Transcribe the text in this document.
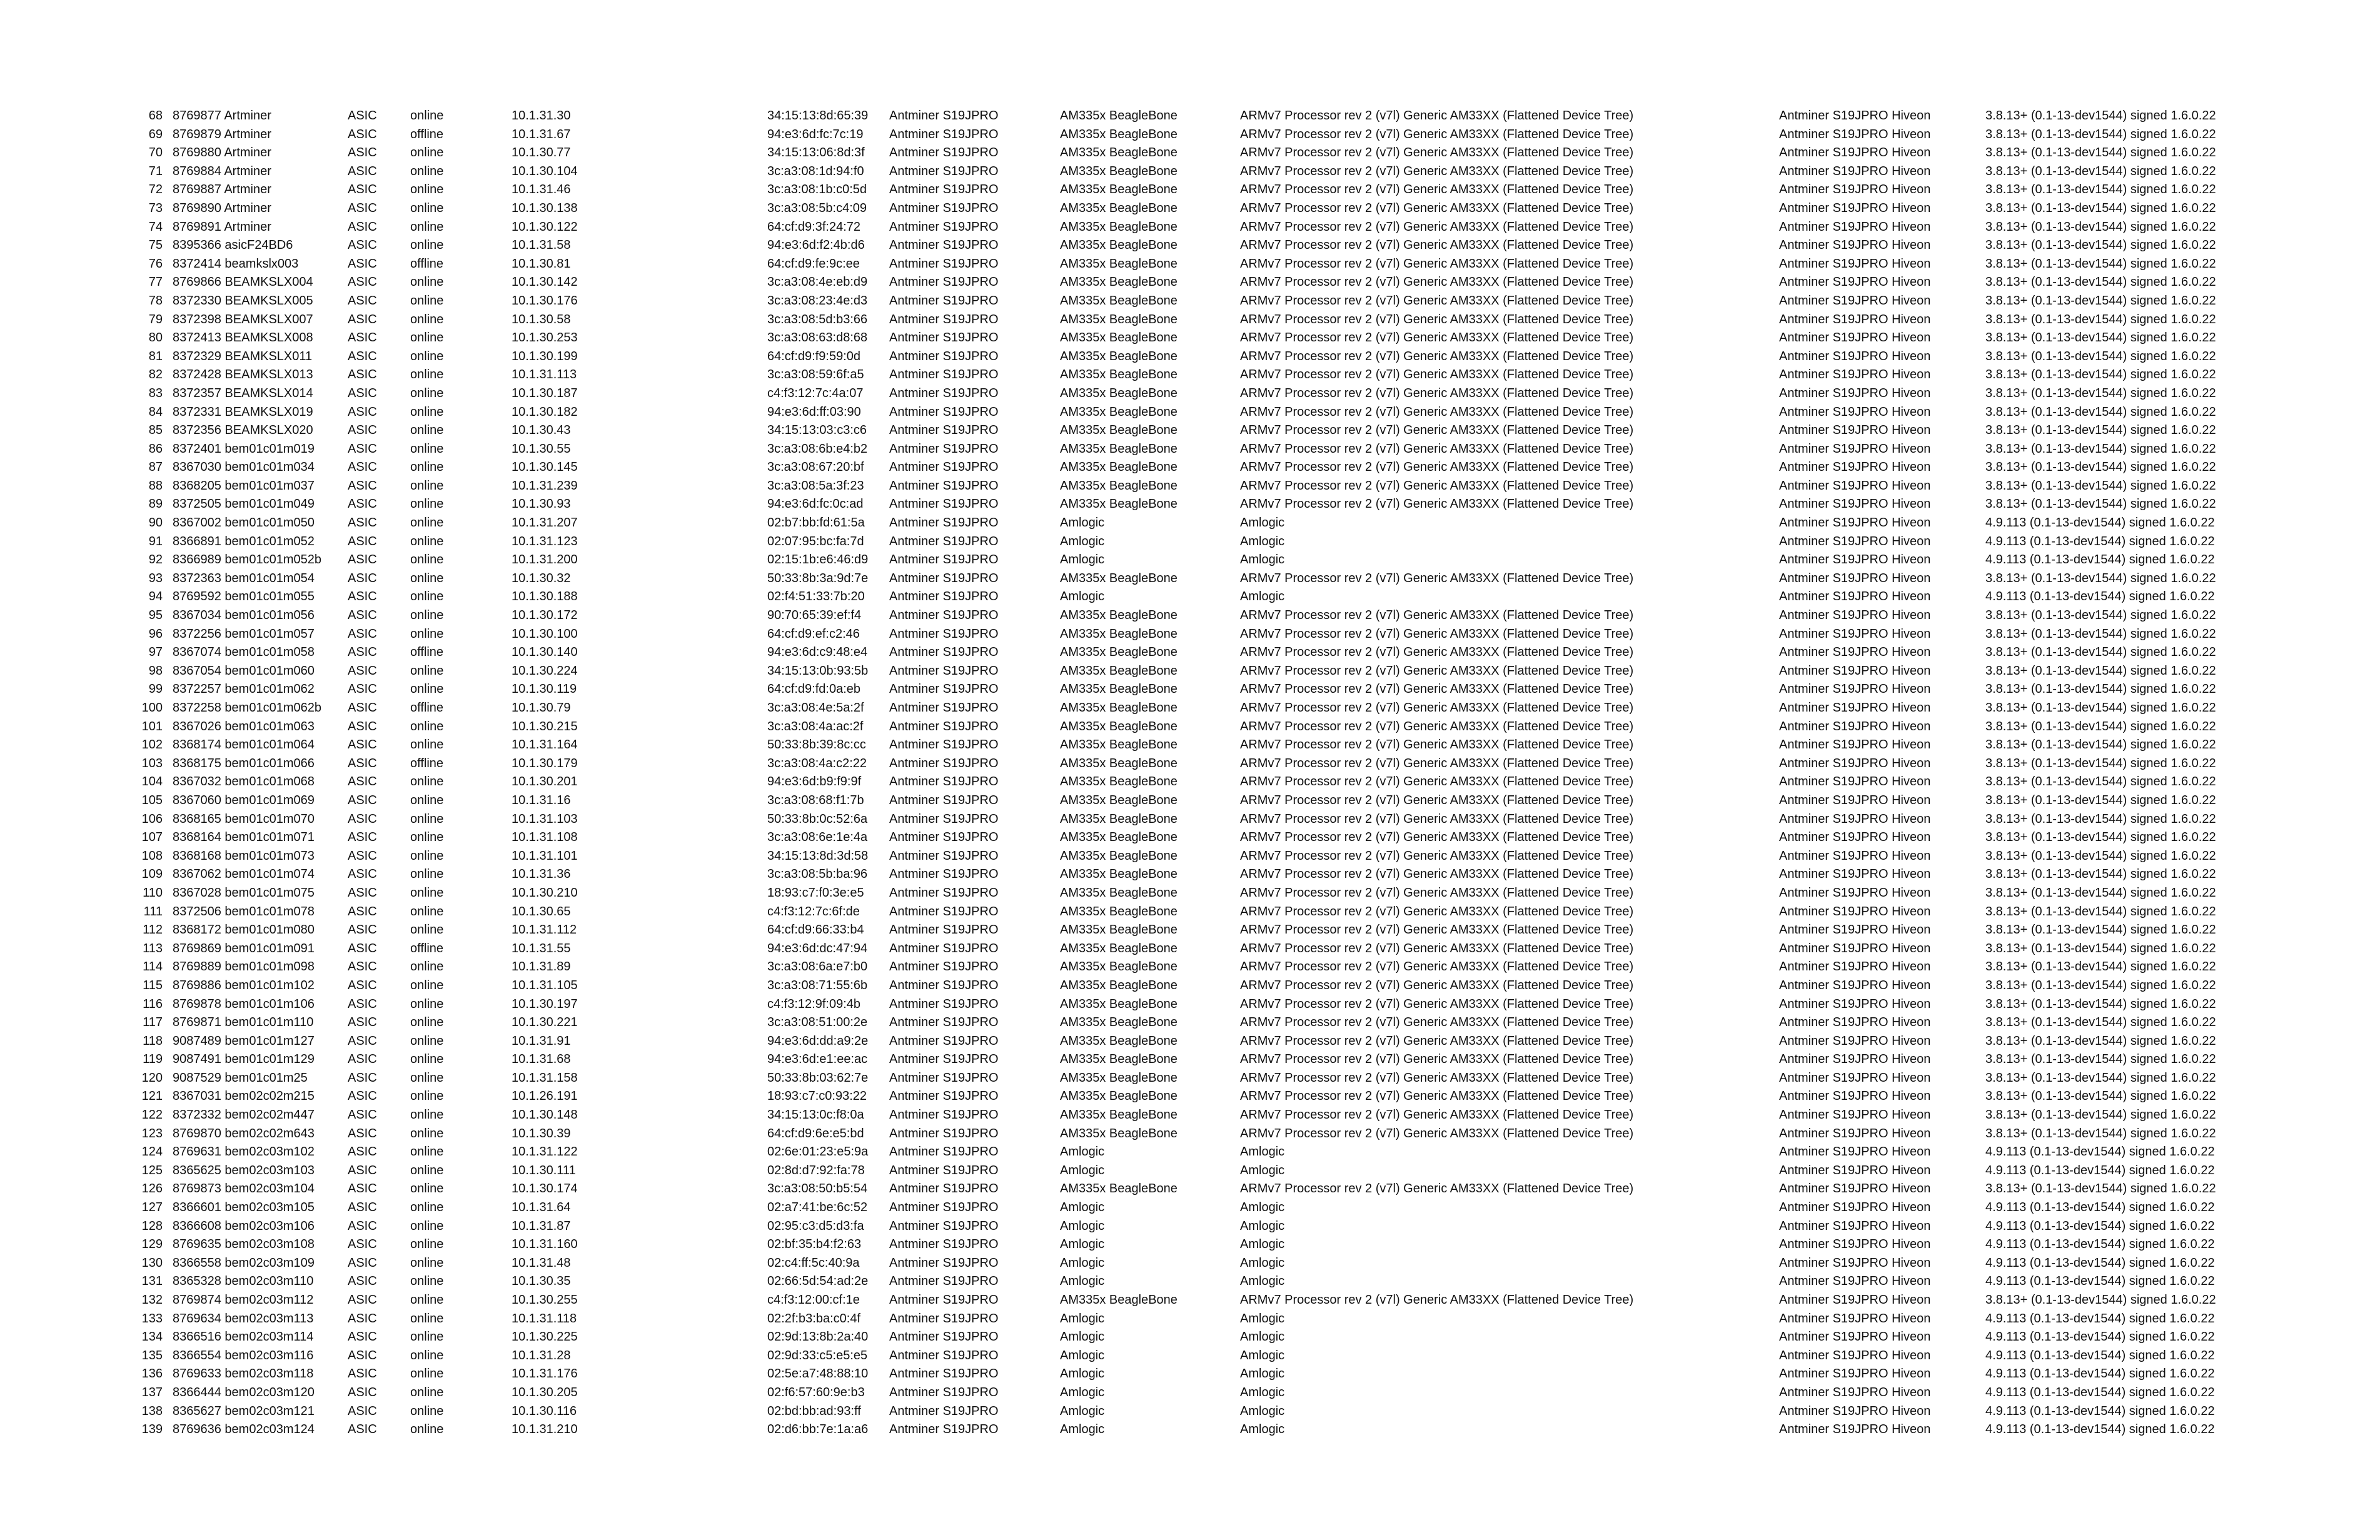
68 8769877 Artminer	ASIC	online	10.1.31.30	34:15:13:8d:65:39 Antminer S19JPRO	AM335x BeagleBone	ARMv7 Processor rev 2 (v7l) Generic AM33XX (Flattened Device Tree)	Antminer S19JPRO Hiveon	3.8.13+ (0.1-13-dev1544) signed 1.6.0.22
69 8769879 Artminer	ASIC	offline	10.1.31.67	94:e3:6d:fc:7c:19 Antminer S19JPRO	AM335x BeagleBone	ARMv7 Processor rev 2 (v7l) Generic AM33XX (Flattened Device Tree)	Antminer S19JPRO Hiveon	3.8.13+ (0.1-13-dev1544) signed 1.6.0.22
70 8769880 Artminer	ASIC	online	10.1.30.77	34:15:13:06:8d:3f Antminer S19JPRO	AM335x BeagleBone	ARMv7 Processor rev 2 (v7l) Generic AM33XX (Flattened Device Tree)	Antminer S19JPRO Hiveon	3.8.13+ (0.1-13-dev1544) signed 1.6.0.22
71 8769884 Artminer	ASIC	online	10.1.30.104	3c:a3:08:1d:94:f0 Antminer S19JPRO	AM335x BeagleBone	ARMv7 Processor rev 2 (v7l) Generic AM33XX (Flattened Device Tree)	Antminer S19JPRO Hiveon	3.8.13+ (0.1-13-dev1544) signed 1.6.0.22
72 8769887 Artminer	ASIC	online	10.1.31.46	3c:a3:08:1b:c0:5d Antminer S19JPRO	AM335x BeagleBone	ARMv7 Processor rev 2 (v7l) Generic AM33XX (Flattened Device Tree)	Antminer S19JPRO Hiveon	3.8.13+ (0.1-13-dev1544) signed 1.6.0.22
73 8769890 Artminer	ASIC	online	10.1.30.138	3c:a3:08:5b:c4:09 Antminer S19JPRO	AM335x BeagleBone	ARMv7 Processor rev 2 (v7l) Generic AM33XX (Flattened Device Tree)	Antminer S19JPRO Hiveon	3.8.13+ (0.1-13-dev1544) signed 1.6.0.22
74 8769891 Artminer	ASIC	online	10.1.30.122	64:cf:d9:3f:24:72 Antminer S19JPRO	AM335x BeagleBone	ARMv7 Processor rev 2 (v7l) Generic AM33XX (Flattened Device Tree)	Antminer S19JPRO Hiveon	3.8.13+ (0.1-13-dev1544) signed 1.6.0.22
75 8395366 asicF24BD6	ASIC	online	10.1.31.58	94:e3:6d:f2:4b:d6 Antminer S19JPRO	AM335x BeagleBone	ARMv7 Processor rev 2 (v7l) Generic AM33XX (Flattened Device Tree)	Antminer S19JPRO Hiveon	3.8.13+ (0.1-13-dev1544) signed 1.6.0.22
76 8372414 beamkslx003	ASIC	offline	10.1.30.81	64:cf:d9:fe:9c:ee Antminer S19JPRO	AM335x BeagleBone	ARMv7 Processor rev 2 (v7l) Generic AM33XX (Flattened Device Tree)	Antminer S19JPRO Hiveon	3.8.13+ (0.1-13-dev1544) signed 1.6.0.22
77 8769866 BEAMKSLX004	ASIC	online	10.1.30.142	3c:a3:08:4e:eb:d9 Antminer S19JPRO	AM335x BeagleBone	ARMv7 Processor rev 2 (v7l) Generic AM33XX (Flattened Device Tree)	Antminer S19JPRO Hiveon	3.8.13+ (0.1-13-dev1544) signed 1.6.0.22
78 8372330 BEAMKSLX005	ASIC	online	10.1.30.176	3c:a3:08:23:4e:d3 Antminer S19JPRO	AM335x BeagleBone	ARMv7 Processor rev 2 (v7l) Generic AM33XX (Flattened Device Tree)	Antminer S19JPRO Hiveon	3.8.13+ (0.1-13-dev1544) signed 1.6.0.22
79 8372398 BEAMKSLX007	ASIC	online	10.1.30.58	3c:a3:08:5d:b3:66 Antminer S19JPRO	AM335x BeagleBone	ARMv7 Processor rev 2 (v7l) Generic AM33XX (Flattened Device Tree)	Antminer S19JPRO Hiveon	3.8.13+ (0.1-13-dev1544) signed 1.6.0.22
80 8372413 BEAMKSLX008	ASIC	online	10.1.30.253	3c:a3:08:63:d8:68 Antminer S19JPRO	AM335x BeagleBone	ARMv7 Processor rev 2 (v7l) Generic AM33XX (Flattened Device Tree)	Antminer S19JPRO Hiveon	3.8.13+ (0.1-13-dev1544) signed 1.6.0.22
81 8372329 BEAMKSLX011	ASIC	online	10.1.30.199	64:cf:d9:f9:59:0d Antminer S19JPRO	AM335x BeagleBone	ARMv7 Processor rev 2 (v7l) Generic AM33XX (Flattened Device Tree)	Antminer S19JPRO Hiveon	3.8.13+ (0.1-13-dev1544) signed 1.6.0.22
82 8372428 BEAMKSLX013	ASIC	online	10.1.31.113	3c:a3:08:59:6f:a5 Antminer S19JPRO	AM335x BeagleBone	ARMv7 Processor rev 2 (v7l) Generic AM33XX (Flattened Device Tree)	Antminer S19JPRO Hiveon	3.8.13+ (0.1-13-dev1544) signed 1.6.0.22
83 8372357 BEAMKSLX014	ASIC	online	10.1.30.187	c4:f3:12:7c:4a:07 Antminer S19JPRO	AM335x BeagleBone	ARMv7 Processor rev 2 (v7l) Generic AM33XX (Flattened Device Tree)	Antminer S19JPRO Hiveon	3.8.13+ (0.1-13-dev1544) signed 1.6.0.22
84 8372331 BEAMKSLX019	ASIC	online	10.1.30.182	94:e3:6d:ff:03:90 Antminer S19JPRO	AM335x BeagleBone	ARMv7 Processor rev 2 (v7l) Generic AM33XX (Flattened Device Tree)	Antminer S19JPRO Hiveon	3.8.13+ (0.1-13-dev1544) signed 1.6.0.22
85 8372356 BEAMKSLX020	ASIC	online	10.1.30.43	34:15:13:03:c3:c6 Antminer S19JPRO	AM335x BeagleBone	ARMv7 Processor rev 2 (v7l) Generic AM33XX (Flattened Device Tree)	Antminer S19JPRO Hiveon	3.8.13+ (0.1-13-dev1544) signed 1.6.0.22
86 8372401 bem01c01m019	ASIC	online	10.1.30.55	3c:a3:08:6b:e4:b2 Antminer S19JPRO	AM335x BeagleBone	ARMv7 Processor rev 2 (v7l) Generic AM33XX (Flattened Device Tree)	Antminer S19JPRO Hiveon	3.8.13+ (0.1-13-dev1544) signed 1.6.0.22
87 8367030 bem01c01m034	ASIC	online	10.1.30.145	3c:a3:08:67:20:bf Antminer S19JPRO	AM335x BeagleBone	ARMv7 Processor rev 2 (v7l) Generic AM33XX (Flattened Device Tree)	Antminer S19JPRO Hiveon	3.8.13+ (0.1-13-dev1544) signed 1.6.0.22
88 8368205 bem01c01m037	ASIC	online	10.1.31.239	3c:a3:08:5a:3f:23 Antminer S19JPRO	AM335x BeagleBone	ARMv7 Processor rev 2 (v7l) Generic AM33XX (Flattened Device Tree)	Antminer S19JPRO Hiveon	3.8.13+ (0.1-13-dev1544) signed 1.6.0.22
89 8372505 bem01c01m049	ASIC	online	10.1.30.93	94:e3:6d:fc:0c:ad Antminer S19JPRO	AM335x BeagleBone	ARMv7 Processor rev 2 (v7l) Generic AM33XX (Flattened Device Tree)	Antminer S19JPRO Hiveon	3.8.13+ (0.1-13-dev1544) signed 1.6.0.22
90 8367002 bem01c01m050	ASIC	online	10.1.31.207	02:b7:bb:fd:61:5a Antminer S19JPRO	Amlogic	Amlogic	Antminer S19JPRO Hiveon	4.9.113 (0.1-13-dev1544) signed 1.6.0.22
91 8366891 bem01c01m052	ASIC	online	10.1.31.123	02:07:95:bc:fa:7d Antminer S19JPRO	Amlogic	Amlogic	Antminer S19JPRO Hiveon	4.9.113 (0.1-13-dev1544) signed 1.6.0.22
92 8366989 bem01c01m052b ASIC	online	10.1.31.200	02:15:1b:e6:46:d9 Antminer S19JPRO	Amlogic	Amlogic	Antminer S19JPRO Hiveon	4.9.113 (0.1-13-dev1544) signed 1.6.0.22
93 8372363 bem01c01m054	ASIC	online	10.1.30.32	50:33:8b:3a:9d:7e Antminer S19JPRO	AM335x BeagleBone	ARMv7 Processor rev 2 (v7l) Generic AM33XX (Flattened Device Tree)	Antminer S19JPRO Hiveon	3.8.13+ (0.1-13-dev1544) signed 1.6.0.22
94 8769592 bem01c01m055	ASIC	online	10.1.30.188	02:f4:51:33:7b:20 Antminer S19JPRO	Amlogic	Amlogic	Antminer S19JPRO Hiveon	4.9.113 (0.1-13-dev1544) signed 1.6.0.22
95 8367034 bem01c01m056	ASIC	online	10.1.30.172	90:70:65:39:ef:f4 Antminer S19JPRO	AM335x BeagleBone	ARMv7 Processor rev 2 (v7l) Generic AM33XX (Flattened Device Tree)	Antminer S19JPRO Hiveon	3.8.13+ (0.1-13-dev1544) signed 1.6.0.22
96 8372256 bem01c01m057	ASIC	online	10.1.30.100	64:cf:d9:ef:c2:46 Antminer S19JPRO	AM335x BeagleBone	ARMv7 Processor rev 2 (v7l) Generic AM33XX (Flattened Device Tree)	Antminer S19JPRO Hiveon	3.8.13+ (0.1-13-dev1544) signed 1.6.0.22
97 8367074 bem01c01m058	ASIC	offline	10.1.30.140	94:e3:6d:c9:48:e4 Antminer S19JPRO	AM335x BeagleBone	ARMv7 Processor rev 2 (v7l) Generic AM33XX (Flattened Device Tree)	Antminer S19JPRO Hiveon	3.8.13+ (0.1-13-dev1544) signed 1.6.0.22
98 8367054 bem01c01m060	ASIC	online	10.1.30.224	34:15:13:0b:93:5b Antminer S19JPRO	AM335x BeagleBone	ARMv7 Processor rev 2 (v7l) Generic AM33XX (Flattened Device Tree)	Antminer S19JPRO Hiveon	3.8.13+ (0.1-13-dev1544) signed 1.6.0.22
99 8372257 bem01c01m062	ASIC	online	10.1.30.119	64:cf:d9:fd:0a:eb Antminer S19JPRO	AM335x BeagleBone	ARMv7 Processor rev 2 (v7l) Generic AM33XX (Flattened Device Tree)	Antminer S19JPRO Hiveon	3.8.13+ (0.1-13-dev1544) signed 1.6.0.22
100 8372258 bem01c01m062b ASIC	offline	10.1.30.79	3c:a3:08:4e:5a:2f Antminer S19JPRO	AM335x BeagleBone	ARMv7 Processor rev 2 (v7l) Generic AM33XX (Flattened Device Tree)	Antminer S19JPRO Hiveon	3.8.13+ (0.1-13-dev1544) signed 1.6.0.22
101 8367026 bem01c01m063	ASIC	online	10.1.30.215	3c:a3:08:4a:ac:2f Antminer S19JPRO	AM335x BeagleBone	ARMv7 Processor rev 2 (v7l) Generic AM33XX (Flattened Device Tree)	Antminer S19JPRO Hiveon	3.8.13+ (0.1-13-dev1544) signed 1.6.0.22
102 8368174 bem01c01m064	ASIC	online	10.1.31.164	50:33:8b:39:8c:cc Antminer S19JPRO	AM335x BeagleBone	ARMv7 Processor rev 2 (v7l) Generic AM33XX (Flattened Device Tree)	Antminer S19JPRO Hiveon	3.8.13+ (0.1-13-dev1544) signed 1.6.0.22
103 8368175 bem01c01m066	ASIC	offline	10.1.30.179	3c:a3:08:4a:c2:22 Antminer S19JPRO	AM335x BeagleBone	ARMv7 Processor rev 2 (v7l) Generic AM33XX (Flattened Device Tree)	Antminer S19JPRO Hiveon	3.8.13+ (0.1-13-dev1544) signed 1.6.0.22
104 8367032 bem01c01m068	ASIC	online	10.1.30.201	94:e3:6d:b9:f9:9f Antminer S19JPRO	AM335x BeagleBone	ARMv7 Processor rev 2 (v7l) Generic AM33XX (Flattened Device Tree)	Antminer S19JPRO Hiveon	3.8.13+ (0.1-13-dev1544) signed 1.6.0.22
105 8367060 bem01c01m069	ASIC	online	10.1.31.16	3c:a3:08:68:f1:7b Antminer S19JPRO	AM335x BeagleBone	ARMv7 Processor rev 2 (v7l) Generic AM33XX (Flattened Device Tree)	Antminer S19JPRO Hiveon	3.8.13+ (0.1-13-dev1544) signed 1.6.0.22
106 8368165 bem01c01m070	ASIC	online	10.1.31.103	50:33:8b:0c:52:6a Antminer S19JPRO	AM335x BeagleBone	ARMv7 Processor rev 2 (v7l) Generic AM33XX (Flattened Device Tree)	Antminer S19JPRO Hiveon	3.8.13+ (0.1-13-dev1544) signed 1.6.0.22
107 8368164 bem01c01m071	ASIC	online	10.1.31.108	3c:a3:08:6e:1e:4a Antminer S19JPRO	AM335x BeagleBone	ARMv7 Processor rev 2 (v7l) Generic AM33XX (Flattened Device Tree)	Antminer S19JPRO Hiveon	3.8.13+ (0.1-13-dev1544) signed 1.6.0.22
108 8368168 bem01c01m073	ASIC	online	10.1.31.101	34:15:13:8d:3d:58 Antminer S19JPRO	AM335x BeagleBone	ARMv7 Processor rev 2 (v7l) Generic AM33XX (Flattened Device Tree)	Antminer S19JPRO Hiveon	3.8.13+ (0.1-13-dev1544) signed 1.6.0.22
109 8367062 bem01c01m074	ASIC	online	10.1.31.36	3c:a3:08:5b:ba:96 Antminer S19JPRO	AM335x BeagleBone	ARMv7 Processor rev 2 (v7l) Generic AM33XX (Flattened Device Tree)	Antminer S19JPRO Hiveon	3.8.13+ (0.1-13-dev1544) signed 1.6.0.22
110 8367028 bem01c01m075	ASIC	online	10.1.30.210	18:93:c7:f0:3e:e5 Antminer S19JPRO	AM335x BeagleBone	ARMv7 Processor rev 2 (v7l) Generic AM33XX (Flattened Device Tree)	Antminer S19JPRO Hiveon	3.8.13+ (0.1-13-dev1544) signed 1.6.0.22
111 8372506 bem01c01m078	ASIC	online	10.1.30.65	c4:f3:12:7c:6f:de Antminer S19JPRO	AM335x BeagleBone	ARMv7 Processor rev 2 (v7l) Generic AM33XX (Flattened Device Tree)	Antminer S19JPRO Hiveon	3.8.13+ (0.1-13-dev1544) signed 1.6.0.22
112 8368172 bem01c01m080	ASIC	online	10.1.31.112	64:cf:d9:66:33:b4 Antminer S19JPRO	AM335x BeagleBone	ARMv7 Processor rev 2 (v7l) Generic AM33XX (Flattened Device Tree)	Antminer S19JPRO Hiveon	3.8.13+ (0.1-13-dev1544) signed 1.6.0.22
113 8769869 bem01c01m091	ASIC	offline	10.1.31.55	94:e3:6d:dc:47:94 Antminer S19JPRO	AM335x BeagleBone	ARMv7 Processor rev 2 (v7l) Generic AM33XX (Flattened Device Tree)	Antminer S19JPRO Hiveon	3.8.13+ (0.1-13-dev1544) signed 1.6.0.22
114 8769889 bem01c01m098	ASIC	online	10.1.31.89	3c:a3:08:6a:e7:b0 Antminer S19JPRO	AM335x BeagleBone	ARMv7 Processor rev 2 (v7l) Generic AM33XX (Flattened Device Tree)	Antminer S19JPRO Hiveon	3.8.13+ (0.1-13-dev1544) signed 1.6.0.22
115 8769886 bem01c01m102	ASIC	online	10.1.31.105	3c:a3:08:71:55:6b Antminer S19JPRO	AM335x BeagleBone	ARMv7 Processor rev 2 (v7l) Generic AM33XX (Flattened Device Tree)	Antminer S19JPRO Hiveon	3.8.13+ (0.1-13-dev1544) signed 1.6.0.22
116 8769878 bem01c01m106	ASIC	online	10.1.30.197	c4:f3:12:9f:09:4b Antminer S19JPRO	AM335x BeagleBone	ARMv7 Processor rev 2 (v7l) Generic AM33XX (Flattened Device Tree)	Antminer S19JPRO Hiveon	3.8.13+ (0.1-13-dev1544) signed 1.6.0.22
117 8769871 bem01c01m110	ASIC	online	10.1.30.221	3c:a3:08:51:00:2e Antminer S19JPRO	AM335x BeagleBone	ARMv7 Processor rev 2 (v7l) Generic AM33XX (Flattened Device Tree)	Antminer S19JPRO Hiveon	3.8.13+ (0.1-13-dev1544) signed 1.6.0.22
118 9087489 bem01c01m127	ASIC	online	10.1.31.91	94:e3:6d:dd:a9:2e Antminer S19JPRO	AM335x BeagleBone	ARMv7 Processor rev 2 (v7l) Generic AM33XX (Flattened Device Tree)	Antminer S19JPRO Hiveon	3.8.13+ (0.1-13-dev1544) signed 1.6.0.22
119 9087491 bem01c01m129	ASIC	online	10.1.31.68	94:e3:6d:e1:ee:ac Antminer S19JPRO	AM335x BeagleBone	ARMv7 Processor rev 2 (v7l) Generic AM33XX (Flattened Device Tree)	Antminer S19JPRO Hiveon	3.8.13+ (0.1-13-dev1544) signed 1.6.0.22
120 9087529 bem01c01m25	ASIC	online	10.1.31.158	50:33:8b:03:62:7e Antminer S19JPRO	AM335x BeagleBone	ARMv7 Processor rev 2 (v7l) Generic AM33XX (Flattened Device Tree)	Antminer S19JPRO Hiveon	3.8.13+ (0.1-13-dev1544) signed 1.6.0.22
121 8367031 bem02c02m215	ASIC	online	10.1.26.191	18:93:c7:c0:93:22 Antminer S19JPRO	AM335x BeagleBone	ARMv7 Processor rev 2 (v7l) Generic AM33XX (Flattened Device Tree)	Antminer S19JPRO Hiveon	3.8.13+ (0.1-13-dev1544) signed 1.6.0.22
122 8372332 bem02c02m447	ASIC	online	10.1.30.148	34:15:13:0c:f8:0a Antminer S19JPRO	AM335x BeagleBone	ARMv7 Processor rev 2 (v7l) Generic AM33XX (Flattened Device Tree)	Antminer S19JPRO Hiveon	3.8.13+ (0.1-13-dev1544) signed 1.6.0.22
123 8769870 bem02c02m643	ASIC	online	10.1.30.39	64:cf:d9:6e:e5:bd Antminer S19JPRO	AM335x BeagleBone	ARMv7 Processor rev 2 (v7l) Generic AM33XX (Flattened Device Tree)	Antminer S19JPRO Hiveon	3.8.13+ (0.1-13-dev1544) signed 1.6.0.22
124 8769631 bem02c03m102	ASIC	online	10.1.31.122	02:6e:01:23:e5:9a Antminer S19JPRO	Amlogic	Amlogic	Antminer S19JPRO Hiveon	4.9.113 (0.1-13-dev1544) signed 1.6.0.22
125 8365625 bem02c03m103	ASIC	online	10.1.30.111	02:8d:d7:92:fa:78 Antminer S19JPRO	Amlogic	Amlogic	Antminer S19JPRO Hiveon	4.9.113 (0.1-13-dev1544) signed 1.6.0.22
126 8769873 bem02c03m104	ASIC	online	10.1.30.174	3c:a3:08:50:b5:54 Antminer S19JPRO	AM335x BeagleBone	ARMv7 Processor rev 2 (v7l) Generic AM33XX (Flattened Device Tree)	Antminer S19JPRO Hiveon	3.8.13+ (0.1-13-dev1544) signed 1.6.0.22
127 8366601 bem02c03m105	ASIC	online	10.1.31.64	02:a7:41:be:6c:52 Antminer S19JPRO	Amlogic	Amlogic	Antminer S19JPRO Hiveon	4.9.113 (0.1-13-dev1544) signed 1.6.0.22
128 8366608 bem02c03m106	ASIC	online	10.1.31.87	02:95:c3:d5:d3:fa Antminer S19JPRO	Amlogic	Amlogic	Antminer S19JPRO Hiveon	4.9.113 (0.1-13-dev1544) signed 1.6.0.22
129 8769635 bem02c03m108	ASIC	online	10.1.31.160	02:bf:35:b4:f2:63 Antminer S19JPRO	Amlogic	Amlogic	Antminer S19JPRO Hiveon	4.9.113 (0.1-13-dev1544) signed 1.6.0.22
130 8366558 bem02c03m109	ASIC	online	10.1.31.48	02:c4:ff:5c:40:9a Antminer S19JPRO	Amlogic	Amlogic	Antminer S19JPRO Hiveon	4.9.113 (0.1-13-dev1544) signed 1.6.0.22
131 8365328 bem02c03m110	ASIC	online	10.1.30.35	02:66:5d:54:ad:2e Antminer S19JPRO	Amlogic	Amlogic	Antminer S19JPRO Hiveon	4.9.113 (0.1-13-dev1544) signed 1.6.0.22
132 8769874 bem02c03m112	ASIC	online	10.1.30.255	c4:f3:12:00:cf:1e Antminer S19JPRO	AM335x BeagleBone	ARMv7 Processor rev 2 (v7l) Generic AM33XX (Flattened Device Tree)	Antminer S19JPRO Hiveon	3.8.13+ (0.1-13-dev1544) signed 1.6.0.22
133 8769634 bem02c03m113	ASIC	online	10.1.31.118	02:2f:b3:ba:c0:4f Antminer S19JPRO	Amlogic	Amlogic	Antminer S19JPRO Hiveon	4.9.113 (0.1-13-dev1544) signed 1.6.0.22
134 8366516 bem02c03m114	ASIC	online	10.1.30.225	02:9d:13:8b:2a:40 Antminer S19JPRO	Amlogic	Amlogic	Antminer S19JPRO Hiveon	4.9.113 (0.1-13-dev1544) signed 1.6.0.22
135 8366554 bem02c03m116	ASIC	online	10.1.31.28	02:9d:33:c5:e5:e5 Antminer S19JPRO	Amlogic	Amlogic	Antminer S19JPRO Hiveon	4.9.113 (0.1-13-dev1544) signed 1.6.0.22
136 8769633 bem02c03m118	ASIC	online	10.1.31.176	02:5e:a7:48:88:10 Antminer S19JPRO	Amlogic	Amlogic	Antminer S19JPRO Hiveon	4.9.113 (0.1-13-dev1544) signed 1.6.0.22
137 8366444 bem02c03m120	ASIC	online	10.1.30.205	02:f6:57:60:9e:b3 Antminer S19JPRO	Amlogic	Amlogic	Antminer S19JPRO Hiveon	4.9.113 (0.1-13-dev1544) signed 1.6.0.22
138 8365627 bem02c03m121	ASIC	online	10.1.30.116	02:bd:bb:ad:93:ff Antminer S19JPRO	Amlogic	Amlogic	Antminer S19JPRO Hiveon	4.9.113 (0.1-13-dev1544) signed 1.6.0.22
139 8769636 bem02c03m124	ASIC	online	10.1.31.210	02:d6:bb:7e:1a:a6 Antminer S19JPRO	Amlogic	Amlogic	Antminer S19JPRO Hiveon	4.9.113 (0.1-13-dev1544) signed 1.6.0.22
